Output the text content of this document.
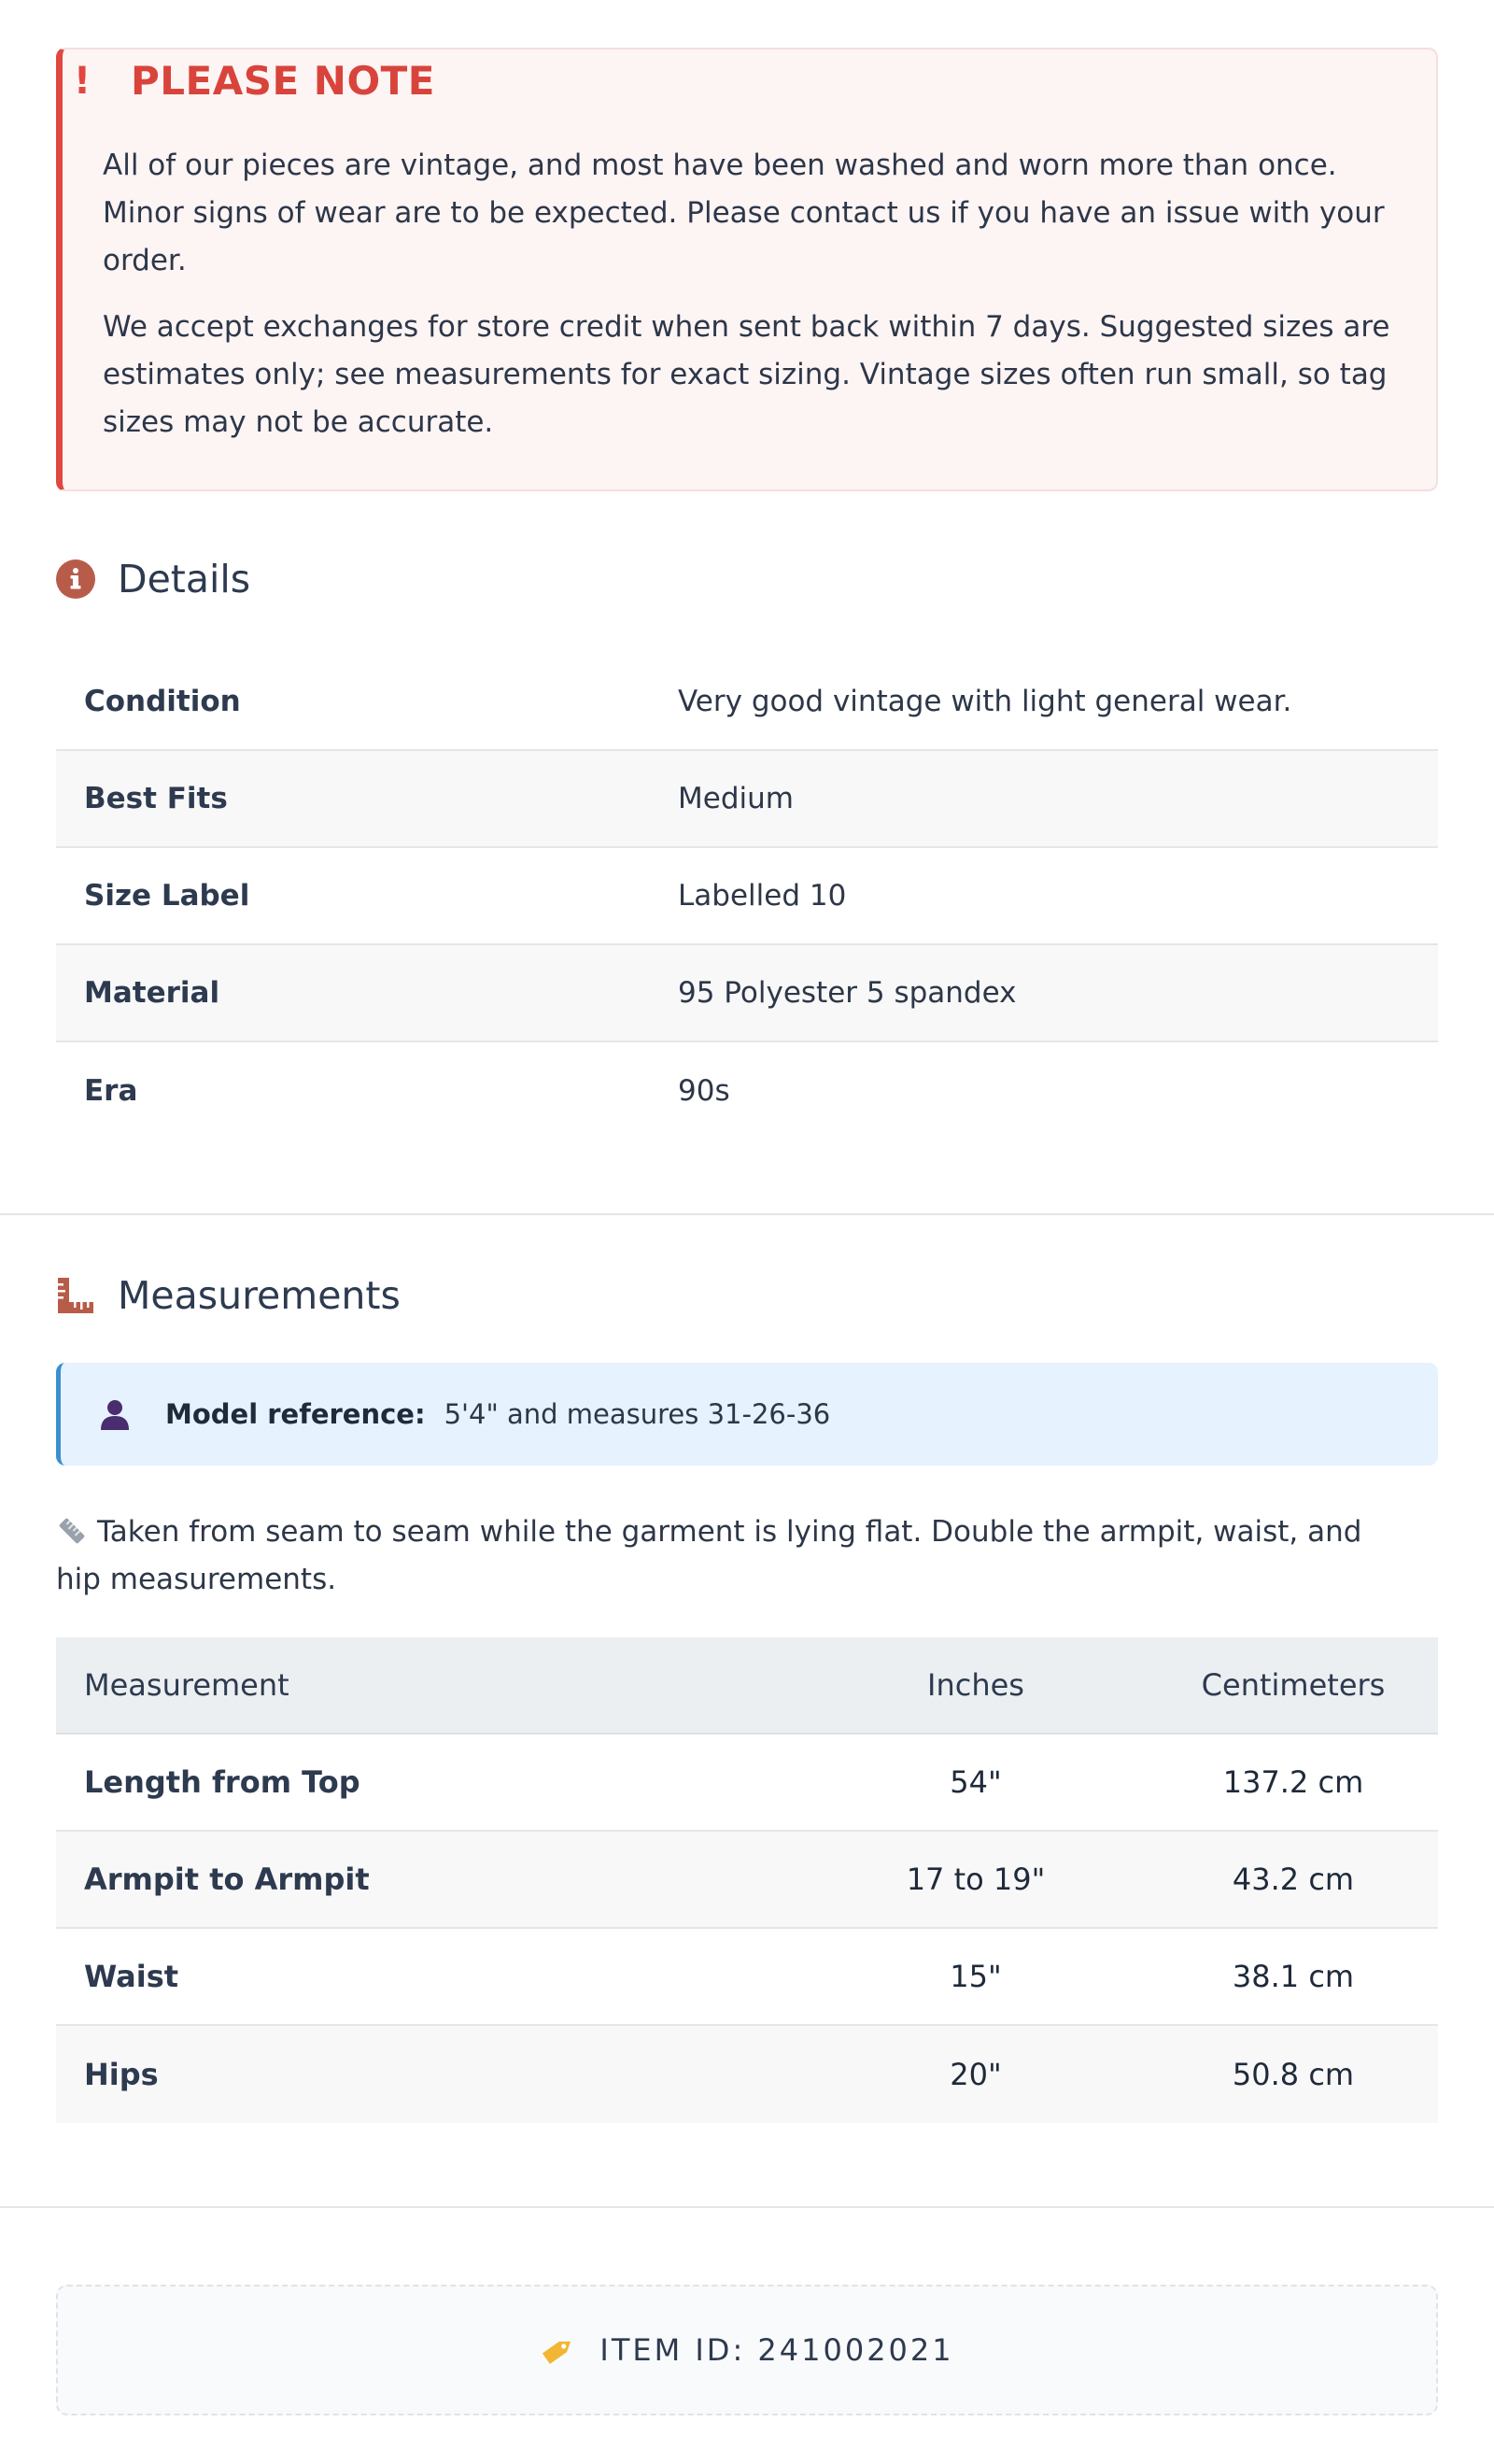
! PLEASE NOTE

All of our pieces are vintage, and most have been washed and worn more than once. Minor signs of wear are to be expected. Please contact us if you have an issue with your order.

We accept exchanges for store credit when sent back within 7 days. Suggested sizes are estimates only; see measurements for exact sizing. Vintage sizes often run small, so tag sizes may not be accurate.

Details
Condition	Very good vintage with light general wear.
Best Fits	Medium
Size Label	Labelled 10
Material	95 Polyester 5 spandex
Era	90s
Measurements
Model reference: 5'4" and measures 31-26-36

Taken from seam to seam while the garment is lying flat. Double the armpit, waist, and hip measurements.

Measurement	Inches	Centimeters
Length from Top	54"	137.2 cm
Armpit to Armpit	17 to 19"	43.2 cm
Waist	15"	38.1 cm
Hips	20"	50.8 cm
ITEM ID: 241002021
